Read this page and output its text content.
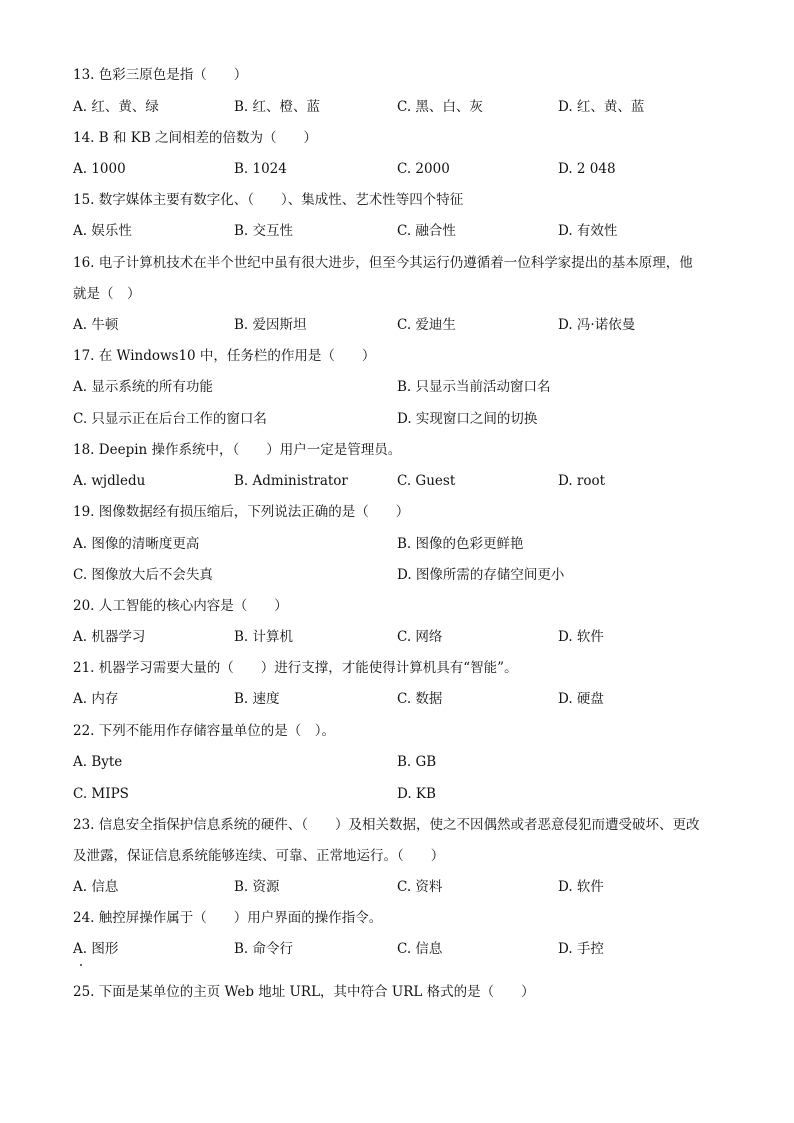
13. 色彩三原色是指（　　）
A. 红、黄、绿	B. 红、橙、蓝	C. 黑、白、灰	D. 红、黄、蓝
14. B 和 KB 之间相差的倍数为（　　）
A. 1000	B. 1024	C. 2000	D. 2 048
15. 数字媒体主要有数字化、（　　）、集成性、艺术性等四个特征
A. 娱乐性	B. 交互性	C. 融合性	D. 有效性
16. 电子计算机技术在半个世纪中虽有很大进步，但至今其运行仍遵循着一位科学家提出的基本原理，他
就是（　）
A. 牛顿	B. 爱因斯坦	C. 爱迪生	D. 冯·诺依曼
17. 在 Windows10 中，任务栏的作用是（　　）
A. 显示系统的所有功能	B. 只显示当前活动窗口名
C. 只显示正在后台工作的窗口名	D. 实现窗口之间的切换
18. Deepin 操作系统中，（　　）用户一定是管理员。
A. wjdledu	B. Administrator	C. Guest	D. root
19. 图像数据经有损压缩后，下列说法正确的是（　　）
A. 图像的清晰度更高	B. 图像的色彩更鲜艳
C. 图像放大后不会失真	D. 图像所需的存储空间更小
20. 人工智能的核心内容是（　　）
A. 机器学习	B. 计算机	C. 网络	D. 软件
21. 机器学习需要大量的（　　）进行支撑，才能使得计算机具有“智能”。
A. 内存	B. 速度	C. 数据	D. 硬盘
22. 下列不能用作存储容量单位的是（　）。
A. Byte	B. GB
C. MIPS	D. KB
23. 信息安全指保护信息系统的硬件、（　　）及相关数据，使之不因偶然或者恶意侵犯而遭受破坏、更改
及泄露，保证信息系统能够连续、可靠、正常地运行。（　　）
A. 信息	B. 资源	C. 资料	D. 软件
24. 触控屏操作属于（　　）用户界面的操作指令。
A. 图形	B. 命令行	C. 信息	D. 手控
25. 下面是某单位的主页 Web 地址 URL，其中符合 URL 格式的是（　　）
